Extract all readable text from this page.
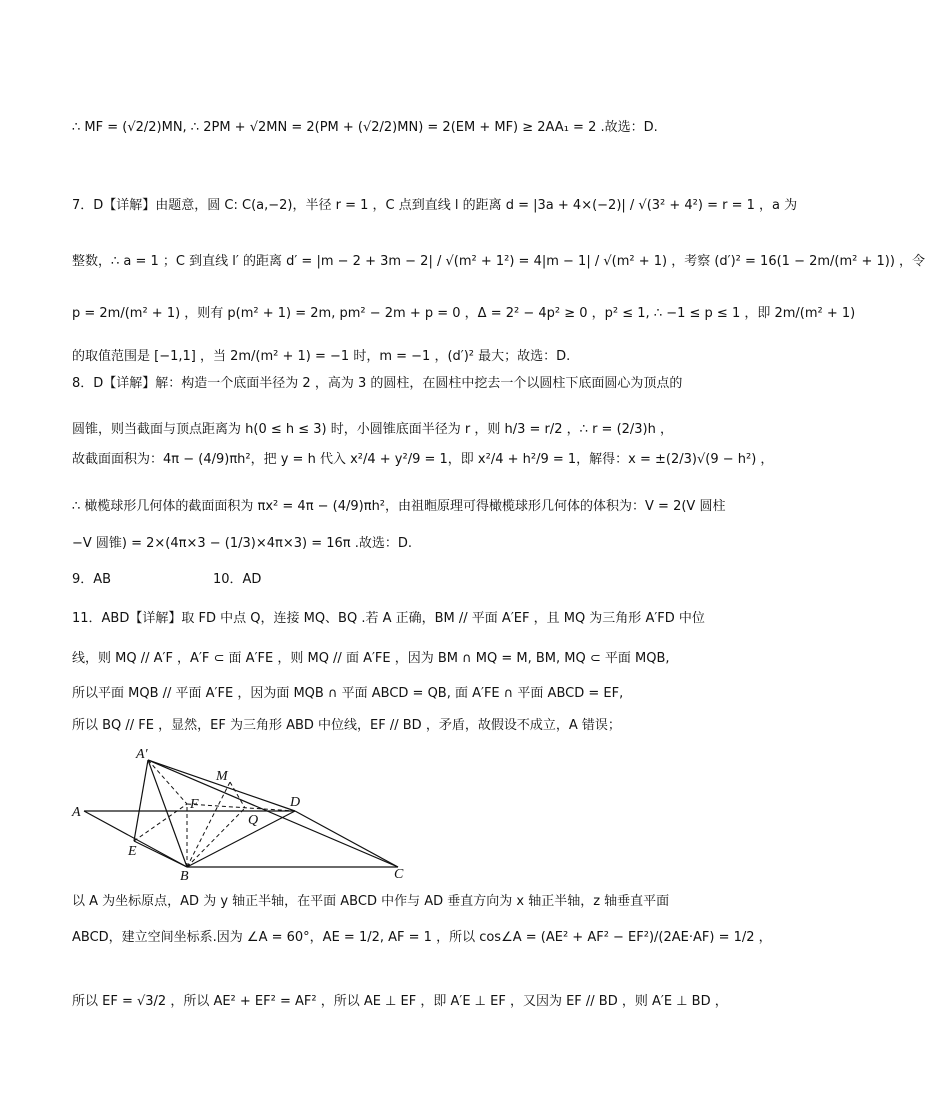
∴ MF = (√2/2)MN, ∴ 2PM + √2MN = 2(PM + (√2/2)MN) = 2(EM + MF) ≥ 2AA₁ = 2 .故选：D.
7．D【详解】由题意，圆 C: C(a,−2)，半径 r = 1 ，C 点到直线 l 的距离 d = |3a + 4×(−2)| / √(3² + 4²) = r = 1 ，a 为
整数，∴ a = 1 ；C 到直线 l′ 的距离 d′ = |m − 2 + 3m − 2| / √(m² + 1²) = 4|m − 1| / √(m² + 1) ，考察 (d′)² = 16(1 − 2m/(m² + 1)) ，令
p = 2m/(m² + 1) ，则有 p(m² + 1) = 2m, pm² − 2m + p = 0 ，Δ = 2² − 4p² ≥ 0 ，p² ≤ 1, ∴ −1 ≤ p ≤ 1 ，即 2m/(m² + 1)
的取值范围是 [−1,1] ，当 2m/(m² + 1) = −1 时，m = −1 ，(d′)² 最大；故选：D.
8．D【详解】解：构造一个底面半径为 2 ，高为 3 的圆柱，在圆柱中挖去一个以圆柱下底面圆心为顶点的
圆锥，则当截面与顶点距离为 h(0 ≤ h ≤ 3) 时，小圆锥底面半径为 r ，则 h/3 = r/2 ，∴ r = (2/3)h ，
故截面面积为：4π − (4/9)πh²，把 y = h 代入 x²/4 + y²/9 = 1，即 x²/4 + h²/9 = 1，解得：x = ±(2/3)√(9 − h²) ，
∴ 橄榄球形几何体的截面面积为 πx² = 4π − (4/9)πh²，由祖暅原理可得橄榄球形几何体的体积为：V = 2(V 圆柱
−V 圆锥) = 2×(4π×3 − (1/3)×4π×3) = 16π .故选：D.
9．AB	10．AD
11．ABD【详解】取 FD 中点 Q，连接 MQ、BQ .若 A 正确，BM // 平面 A′EF ，且 MQ 为三角形 A′FD 中位
线，则 MQ // A′F ，A′F ⊂ 面 A′FE ，则 MQ // 面 A′FE ，因为 BM ∩ MQ = M, BM, MQ ⊂ 平面 MQB,
所以平面 MQB // 平面 A′FE ，因为面 MQB ∩ 平面 ABCD = QB, 面 A′FE ∩ 平面 ABCD = EF,
所以 BQ // FE ，显然，EF 为三角形 ABD 中位线，EF // BD ，矛盾，故假设不成立，A 错误；
A′
M
A
F
Q
D
E
B	C
以 A 为坐标原点，AD 为 y 轴正半轴，在平面 ABCD 中作与 AD 垂直方向为 x 轴正半轴，z 轴垂直平面
ABCD，建立空间坐标系.因为 ∠A = 60°，AE = 1/2, AF = 1 ，所以 cos∠A = (AE² + AF² − EF²)/(2AE·AF) = 1/2 ，
所以 EF = √3/2 ，所以 AE² + EF² = AF² ，所以 AE ⊥ EF ，即 A′E ⊥ EF ，又因为 EF // BD ，则 A′E ⊥ BD ，
